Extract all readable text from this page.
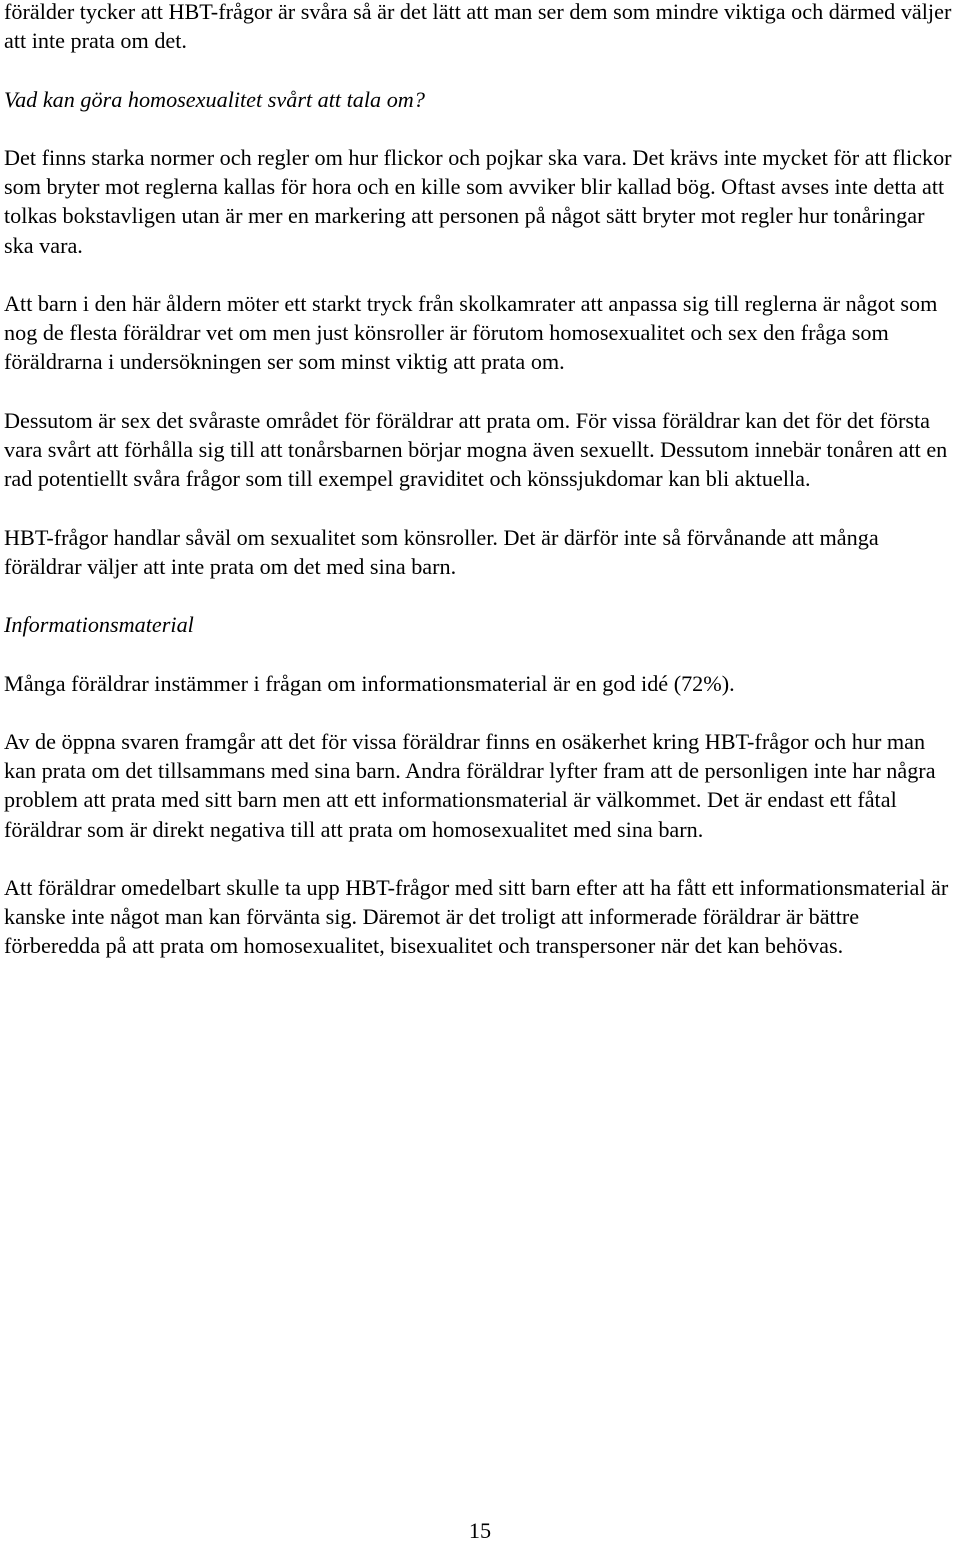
förälder tycker att HBT-frågor är svåra så är det lätt att man ser dem som mindre viktiga och därmed väljer att inte prata om det.

Vad kan göra homosexualitet svårt att tala om?

Det finns starka normer och regler om hur flickor och pojkar ska vara. Det krävs inte mycket för att flickor som bryter mot reglerna kallas för hora och en kille som avviker blir kallad bög. Oftast avses inte detta att tolkas bokstavligen utan är mer en markering att personen på något sätt bryter mot regler hur tonåringar ska vara.

Att barn i den här åldern möter ett starkt tryck från skolkamrater att anpassa sig till reglerna är något som nog de flesta föräldrar vet om men just könsroller är förutom homosexualitet och sex den fråga som föräldrarna i undersökningen ser som minst viktig att prata om.

Dessutom är sex det svåraste området för föräldrar att prata om. För vissa föräldrar kan det för det första vara svårt att förhålla sig till att tonårsbarnen börjar mogna även sexuellt. Dessutom innebär tonåren att en rad potentiellt svåra frågor som till exempel graviditet och könssjukdomar kan bli aktuella.

HBT-frågor handlar såväl om sexualitet som könsroller. Det är därför inte så förvånande att många föräldrar väljer att inte prata om det med sina barn.

Informationsmaterial

Många föräldrar instämmer i frågan om informationsmaterial är en god idé (72%).

Av de öppna svaren framgår att det för vissa föräldrar finns en osäkerhet kring HBT-frågor och hur man kan prata om det tillsammans med sina barn. Andra föräldrar lyfter fram att de personligen inte har några problem att prata med sitt barn men att ett informationsmaterial är välkommet. Det är endast ett fåtal föräldrar som är direkt negativa till att prata om homosexualitet med sina barn.

Att föräldrar omedelbart skulle ta upp HBT-frågor med sitt barn efter att ha fått ett informationsmaterial är kanske inte något man kan förvänta sig. Däremot är det troligt att informerade föräldrar är bättre förberedda på att prata om homosexualitet, bisexualitet och transpersoner när det kan behövas.

15
